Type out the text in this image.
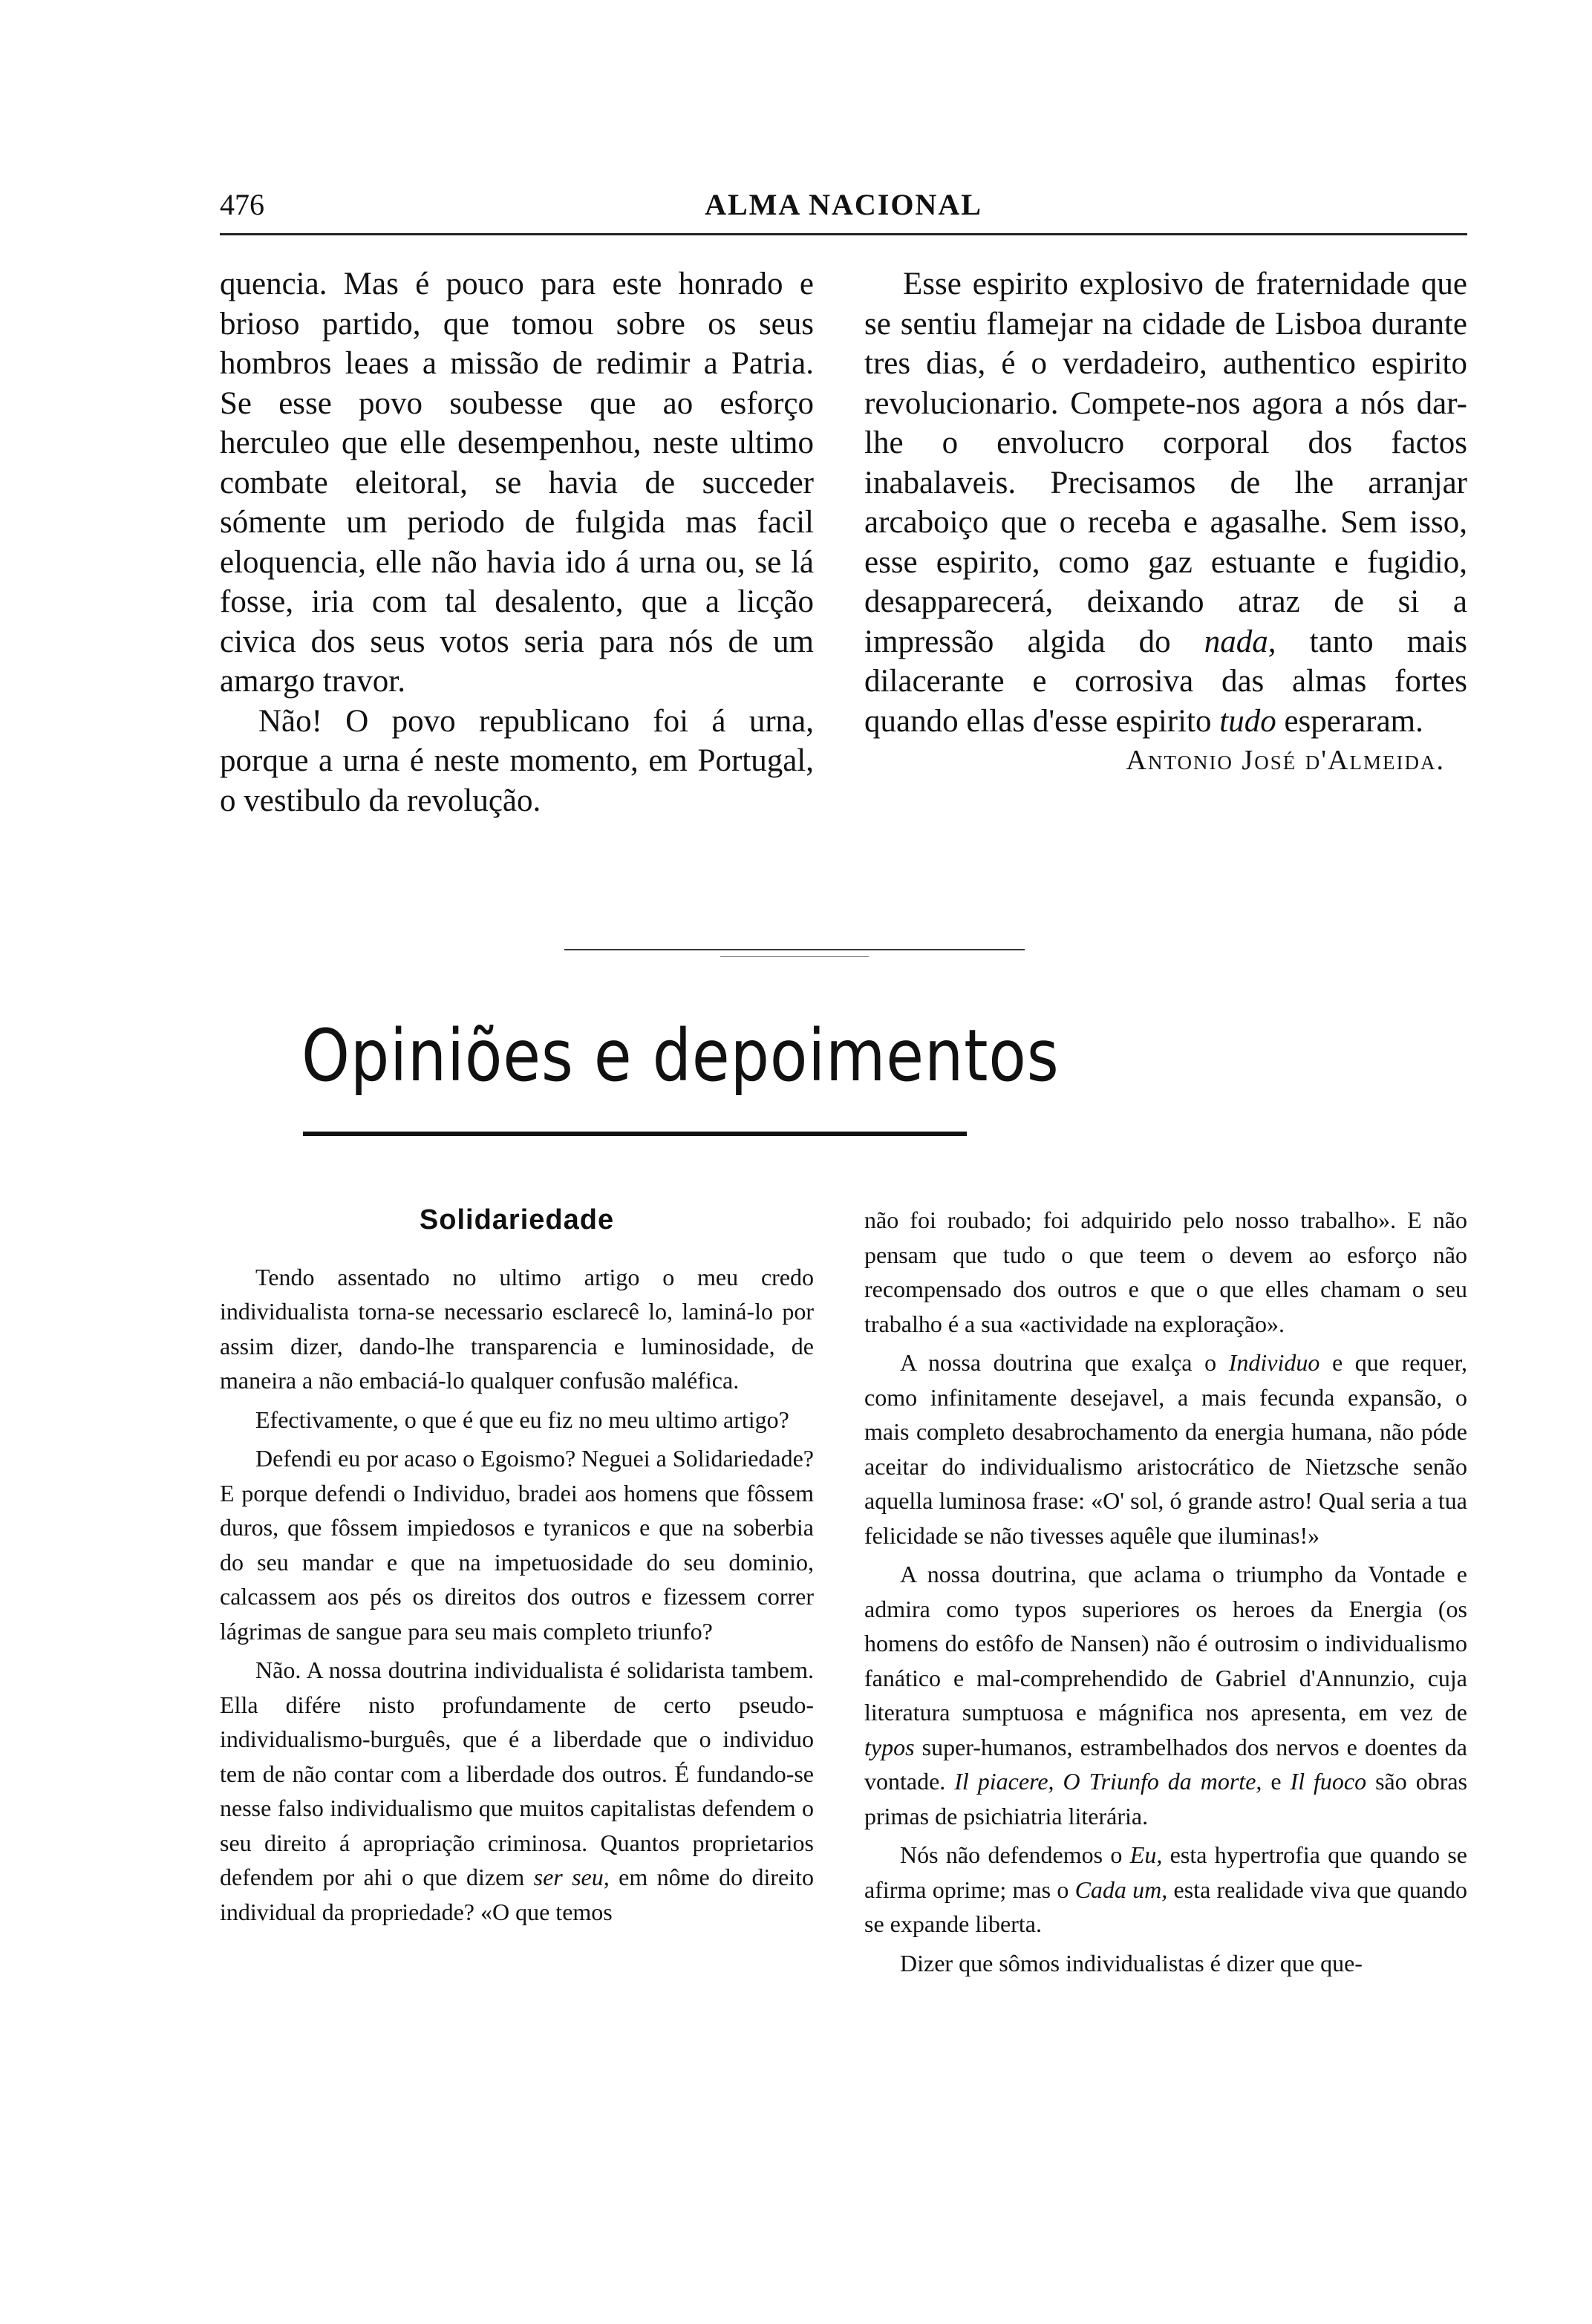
476	ALMA NACIONAL

quencia. Mas é pouco para este honrado e brioso partido, que tomou sobre os seus hombros leaes a missão de redimir a Patria. Se esse povo soubesse que ao esforço herculeo que elle desempenhou, neste ultimo combate eleitoral, se havia de succeder sómente um periodo de fulgida mas facil eloquencia, elle não havia ido á urna ou, se lá fosse, iria com tal desalento, que a licção civica dos seus votos seria para nós de um amargo travor.

Não! O povo republicano foi á urna, porque a urna é neste momento, em Portugal, o vestibulo da revolução.

Esse espirito explosivo de fraternidade que se sentiu flamejar na cidade de Lisboa durante tres dias, é o verdadeiro, authentico espirito revolucionario. Compete-nos agora a nós dar-lhe o envolucro corporal dos factos inabalaveis. Precisamos de lhe arranjar arcaboiço que o receba e agasalhe. Sem isso, esse espirito, como gaz estuante e fugidio, desapparecerá, deixando atraz de si a impressão algida do nada, tanto mais dilacerante e corrosiva das almas fortes quando ellas d'esse espirito tudo esperaram.

Antonio José d'Almeida.

Opiniões e depoimentos
Solidariedade

Tendo assentado no ultimo artigo o meu credo individualista torna-se necessario esclarecê lo, laminá-lo por assim dizer, dando-lhe transparencia e luminosidade, de maneira a não embaciá-lo qualquer confusão maléfica.

Efectivamente, o que é que eu fiz no meu ultimo artigo?

Defendi eu por acaso o Egoismo? Neguei a Solidariedade? E porque defendi o Individuo, bradei aos homens que fôssem duros, que fôssem impiedosos e tyranicos e que na soberbia do seu mandar e que na impetuosidade do seu dominio, calcassem aos pés os direitos dos outros e fizessem correr lágrimas de sangue para seu mais completo triunfo?

Não. A nossa doutrina individualista é solidarista tambem. Ella difére nisto profundamente de certo pseudo-individualismo-burguês, que é a liberdade que o individuo tem de não contar com a liberdade dos outros. É fundando-se nesse falso individualismo que muitos capitalistas defendem o seu direito á apropriação criminosa. Quantos proprietarios defendem por ahi o que dizem ser seu, em nôme do direito individual da propriedade? «O que temos

não foi roubado; foi adquirido pelo nosso trabalho». E não pensam que tudo o que teem o devem ao esforço não recompensado dos outros e que o que elles chamam o seu trabalho é a sua «actividade na exploração».

A nossa doutrina que exalça o Individuo e que requer, como infinitamente desejavel, a mais fecunda expansão, o mais completo desabrochamento da energia humana, não póde aceitar do individualismo aristocrático de Nietzsche senão aquella luminosa frase: «O' sol, ó grande astro! Qual seria a tua felicidade se não tivesses aquêle que iluminas!»

A nossa doutrina, que aclama o triumpho da Vontade e admira como typos superiores os heroes da Energia (os homens do estôfo de Nansen) não é outrosim o individualismo fanático e mal-comprehendido de Gabriel d'Annunzio, cuja literatura sumptuosa e mágnifica nos apresenta, em vez de typos super-humanos, estrambelhados dos nervos e doentes da vontade. Il piacere, O Triunfo da morte, e Il fuoco são obras primas de psichiatria literária.

Nós não defendemos o Eu, esta hypertrofia que quando se afirma oprime; mas o Cada um, esta realidade viva que quando se expande liberta.

Dizer que sômos individualistas é dizer que que-
